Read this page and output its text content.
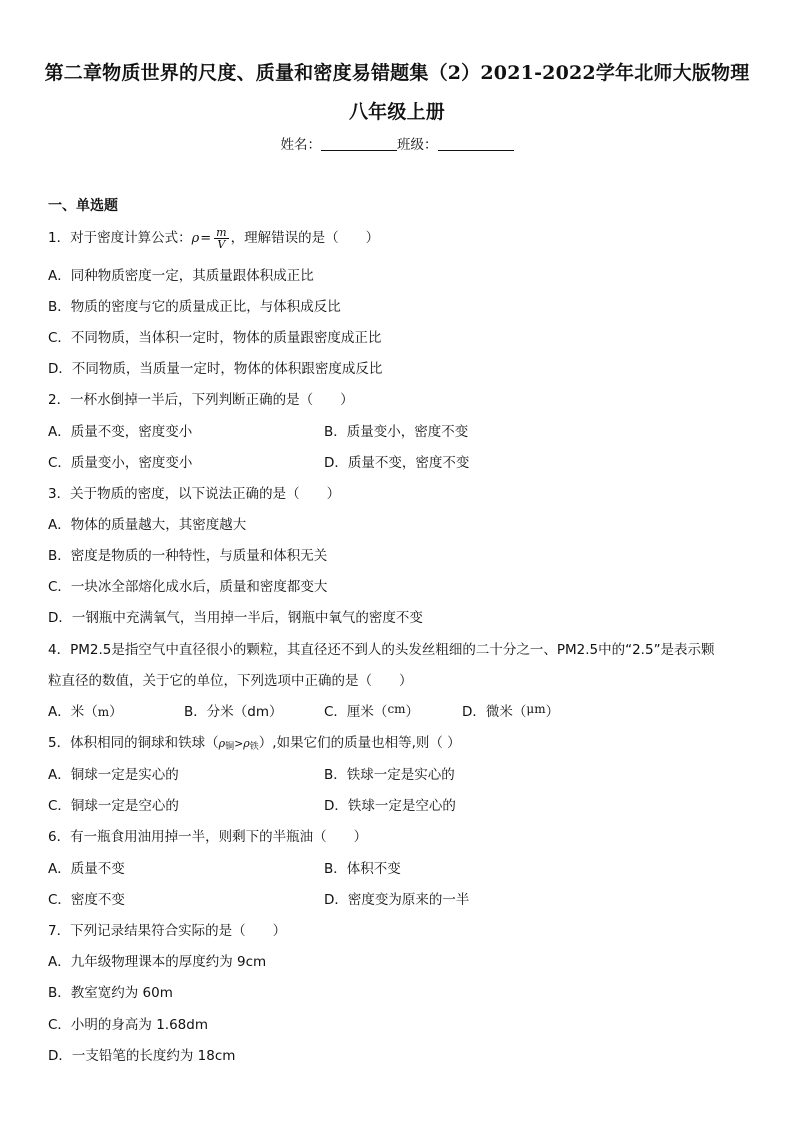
第二章物质世界的尺度、质量和密度易错题集（2）2021-2022学年北师大版物理
八年级上册
姓名：	班级：
一、单选题
1．对于密度计算公式：$\rho= \frac{m}{V}$ ，理解错误的是（　　）
A．同种物质密度一定，其质量跟体积成正比
B．物质的密度与它的质量成正比，与体积成反比
C．不同物质，当体积一定时，物体的质量跟密度成正比
D．不同物质，当质量一定时，物体的体积跟密度成反比
2．一杯水倒掉一半后，下列判断正确的是（　　）
A．质量不变，密度变小	B．质量变小，密度不变
C．质量变小，密度变小	D．质量不变，密度不变
3．关于物质的密度，以下说法正确的是（　　）
A．物体的质量越大，其密度越大
B．密度是物质的一种特性，与质量和体积无关
C．一块冰全部熔化成水后，质量和密度都变大
D．一钢瓶中充满氧气，当用掉一半后，钢瓶中氧气的密度不变
4．PM2.5是指空气中直径很小的颗粒，其直径还不到人的头发丝粗细的二十分之一、PM2.5中的“2.5”是表示颗
粒直径的数值，关于它的单位，下列选项中正确的是（　　）
A．米（m）	B．分米（dm）	C．厘米（cm）	D．微米（μm）
5．体积相同的铜球和铁球$(\rho_铜>\rho_铁)$,如果它们的质量也相等,则（ ）
A．铜球一定是实心的	B．铁球一定是实心的
C．铜球一定是空心的	D．铁球一定是空心的
6．有一瓶食用油用掉一半，则剩下的半瓶油（　　）
A．质量不变	B．体积不变
C．密度不变	D．密度变为原来的一半
7．下列记录结果符合实际的是（　　）
A．九年级物理课本的厚度约为 9cm
B．教室宽约为 60m
C．小明的身高为 1.68dm
D．一支铅笔的长度约为 18cm
